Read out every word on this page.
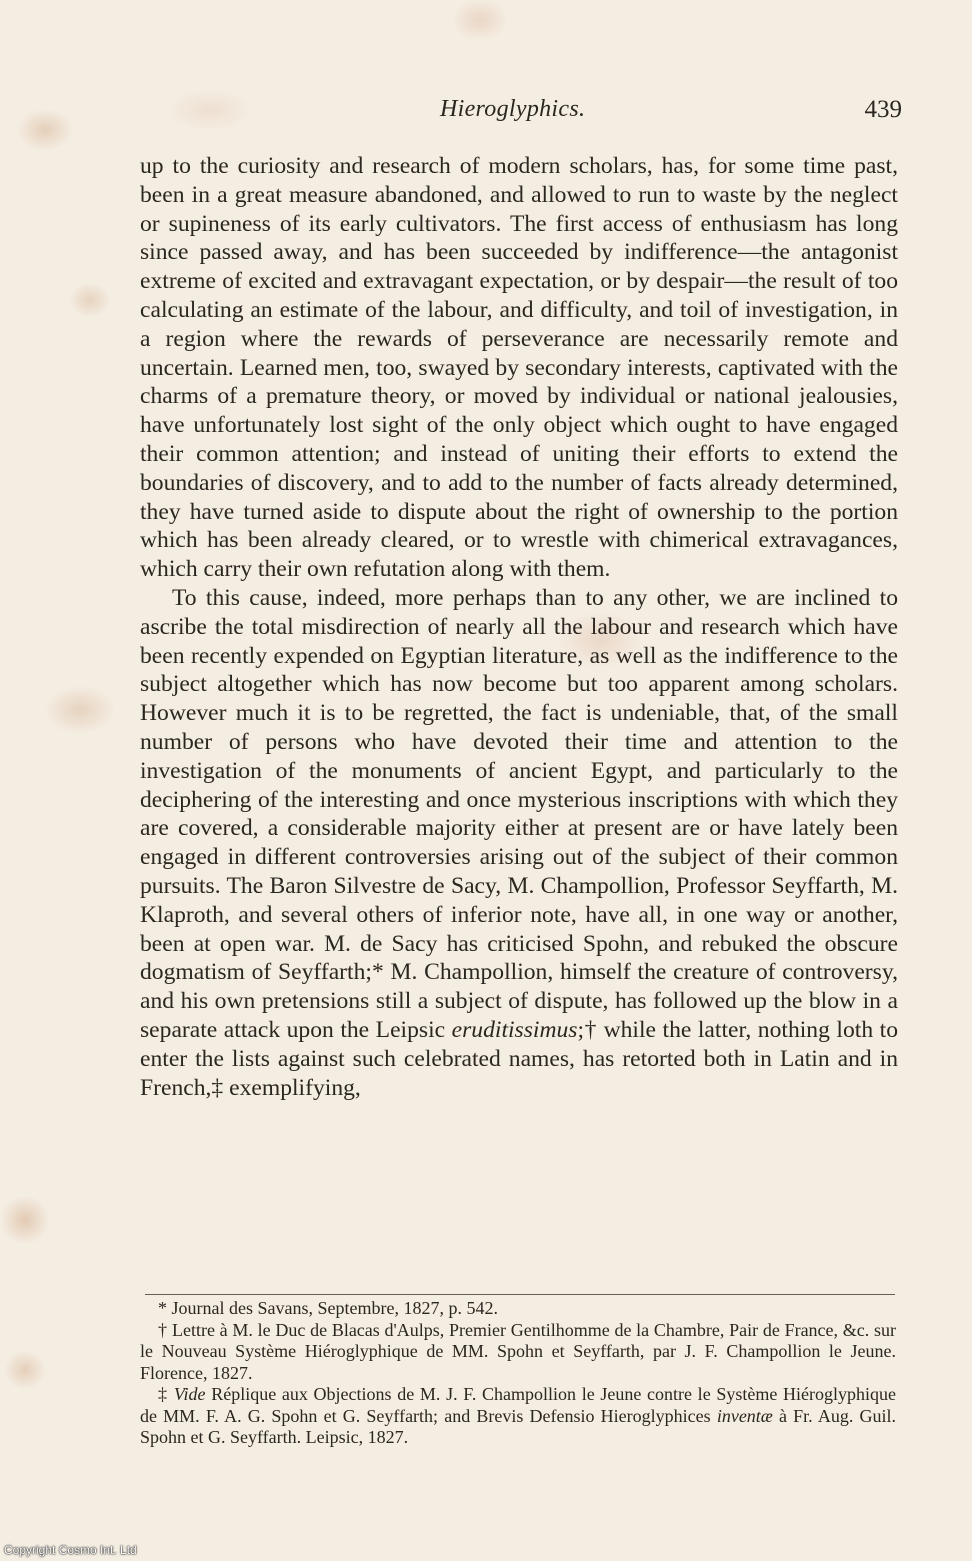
Hieroglyphics.	439

up to the curiosity and research of modern scholars, has, for some time past, been in a great measure abandoned, and allowed to run to waste by the neglect or supineness of its early cultivators. The first access of enthusiasm has long since passed away, and has been succeeded by indifference—the antagonist extreme of excited and extravagant expectation, or by despair—the result of too calculating an estimate of the labour, and difficulty, and toil of investigation, in a region where the rewards of perseverance are necessarily remote and uncertain. Learned men, too, swayed by secondary interests, captivated with the charms of a premature theory, or moved by individual or national jealousies, have unfortunately lost sight of the only object which ought to have engaged their common attention; and instead of uniting their efforts to extend the boundaries of discovery, and to add to the number of facts already determined, they have turned aside to dispute about the right of ownership to the portion which has been already cleared, or to wrestle with chimerical extravagances, which carry their own refutation along with them.

To this cause, indeed, more perhaps than to any other, we are inclined to ascribe the total misdirection of nearly all the labour and research which have been recently expended on Egyptian literature, as well as the indifference to the subject altogether which has now become but too apparent among scholars. However much it is to be regretted, the fact is undeniable, that, of the small number of persons who have devoted their time and attention to the investigation of the monuments of ancient Egypt, and particularly to the deciphering of the interesting and once mysterious inscriptions with which they are covered, a considerable majority either at present are or have lately been engaged in different controversies arising out of the subject of their common pursuits. The Baron Silvestre de Sacy, M. Champollion, Professor Seyffarth, M. Klaproth, and several others of inferior note, have all, in one way or another, been at open war. M. de Sacy has criticised Spohn, and rebuked the obscure dogmatism of Seyffarth;* M. Champollion, himself the creature of controversy, and his own pretensions still a subject of dispute, has followed up the blow in a separate attack upon the Leipsic eruditissimus;† while the latter, nothing loth to enter the lists against such celebrated names, has retorted both in Latin and in French,‡ exemplifying,

* Journal des Savans, Septembre, 1827, p. 542.

† Lettre à M. le Duc de Blacas d'Aulps, Premier Gentilhomme de la Chambre, Pair de France, &c. sur le Nouveau Système Hiéroglyphique de MM. Spohn et Seyffarth, par J. F. Champollion le Jeune. Florence, 1827.

‡ Vide Réplique aux Objections de M. J. F. Champollion le Jeune contre le Système Hiéroglyphique de MM. F. A. G. Spohn et G. Seyffarth; and Brevis Defensio Hieroglyphices inventæ à Fr. Aug. Guil. Spohn et G. Seyffarth. Leipsic, 1827.

Copyright Cosmo Int. Ltd
